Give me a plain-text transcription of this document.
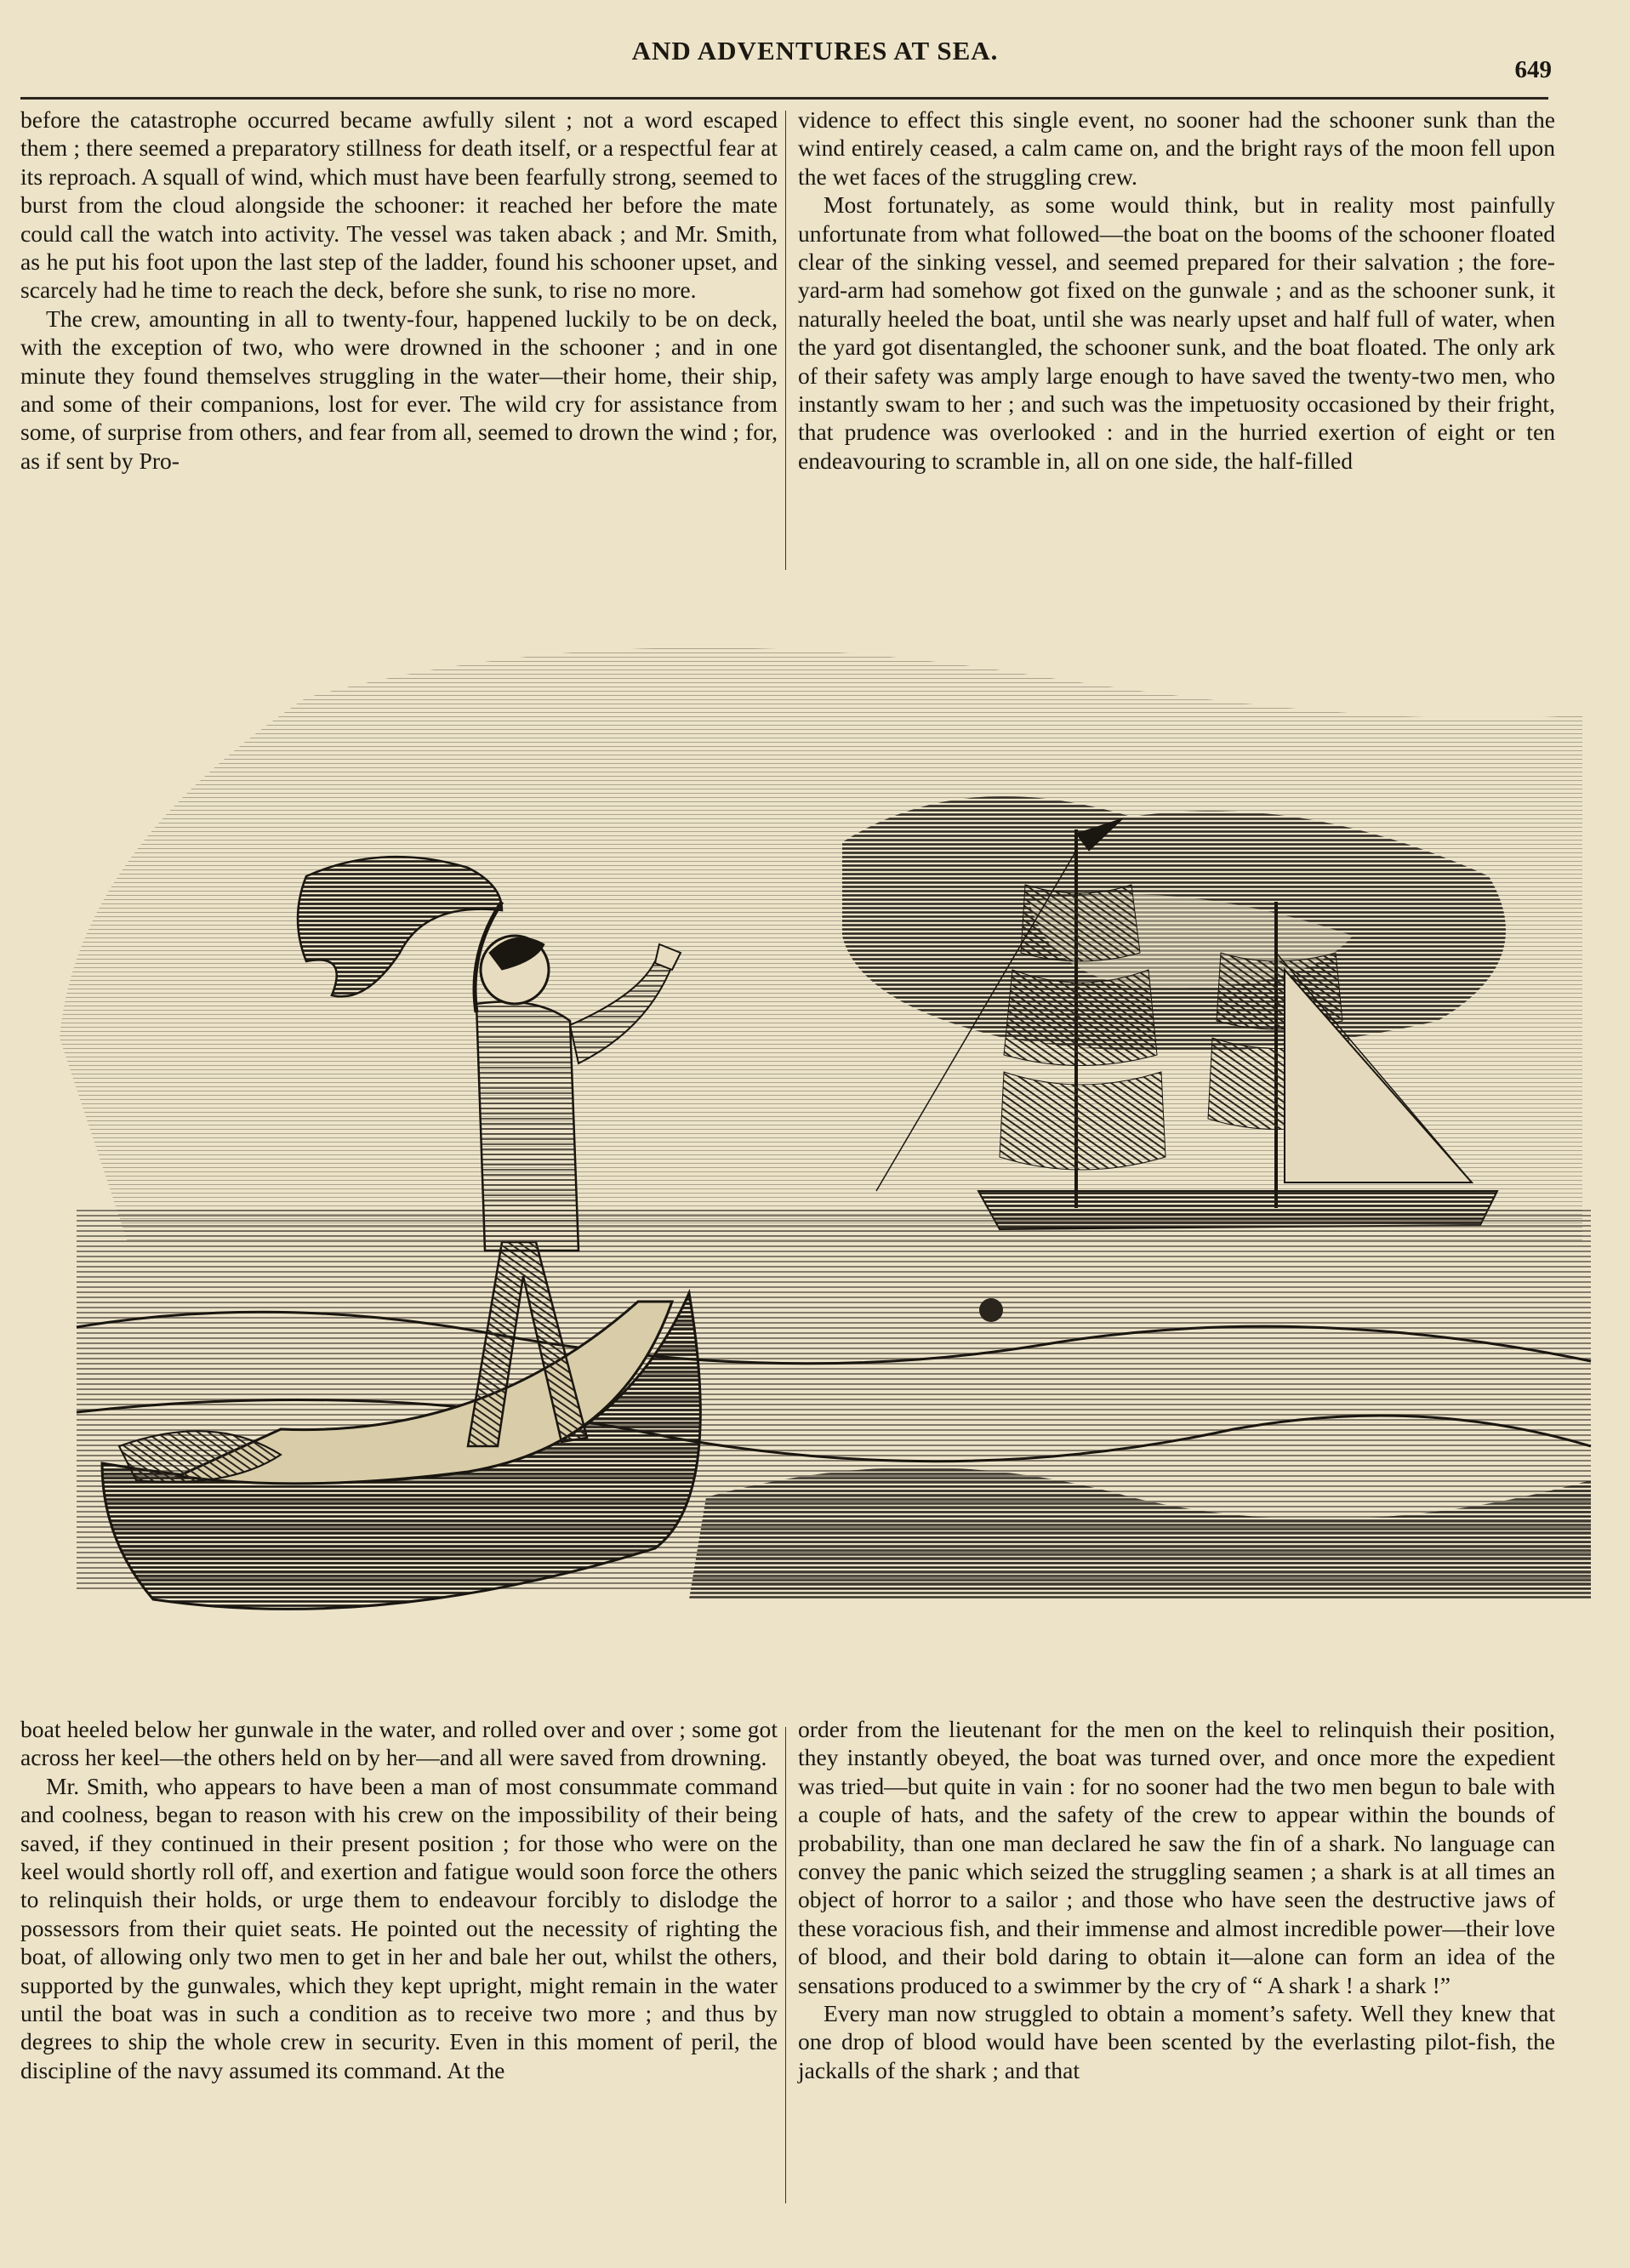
AND ADVENTURES AT SEA.
649

before the catastrophe occurred became awfully silent ; not a word escaped them ; there seemed a preparatory stillness for death itself, or a respectful fear at its reproach. A squall of wind, which must have been fearfully strong, seemed to burst from the cloud alongside the schooner: it reached her before the mate could call the watch into activity. The vessel was taken aback ; and Mr. Smith, as he put his foot upon the last step of the ladder, found his schooner upset, and scarcely had he time to reach the deck, before she sunk, to rise no more.

The crew, amounting in all to twenty-four, happened luckily to be on deck, with the exception of two, who were drowned in the schooner ; and in one minute they found themselves struggling in the water—their home, their ship, and some of their companions, lost for ever. The wild cry for assistance from some, of surprise from others, and fear from all, seemed to drown the wind ; for, as if sent by Pro-

vidence to effect this single event, no sooner had the schooner sunk than the wind entirely ceased, a calm came on, and the bright rays of the moon fell upon the wet faces of the struggling crew.

Most fortunately, as some would think, but in reality most painfully unfortunate from what followed—the boat on the booms of the schooner floated clear of the sinking vessel, and seemed prepared for their salvation ; the fore-yard-arm had somehow got fixed on the gunwale ; and as the schooner sunk, it naturally heeled the boat, until she was nearly upset and half full of water, when the yard got disentangled, the schooner sunk, and the boat floated. The only ark of their safety was amply large enough to have saved the twenty-two men, who instantly swam to her ; and such was the impetuosity occasioned by their fright, that prudence was overlooked : and in the hurried exertion of eight or ten endeavouring to scramble in, all on one side, the half-filled

boat heeled below her gunwale in the water, and rolled over and over ; some got across her keel—the others held on by her—and all were saved from drowning.

Mr. Smith, who appears to have been a man of most consummate command and coolness, began to reason with his crew on the impossibility of their being saved, if they continued in their present position ; for those who were on the keel would shortly roll off, and exertion and fatigue would soon force the others to relinquish their holds, or urge them to endeavour forcibly to dislodge the possessors from their quiet seats. He pointed out the necessity of righting the boat, of allowing only two men to get in her and bale her out, whilst the others, supported by the gunwales, which they kept upright, might remain in the water until the boat was in such a condition as to receive two more ; and thus by degrees to ship the whole crew in security. Even in this moment of peril, the discipline of the navy assumed its command. At the

order from the lieutenant for the men on the keel to relinquish their position, they instantly obeyed, the boat was turned over, and once more the expedient was tried—but quite in vain : for no sooner had the two men begun to bale with a couple of hats, and the safety of the crew to appear within the bounds of probability, than one man declared he saw the fin of a shark. No language can convey the panic which seized the struggling seamen ; a shark is at all times an object of horror to a sailor ; and those who have seen the destructive jaws of these voracious fish, and their immense and almost incredible power—their love of blood, and their bold daring to obtain it—alone can form an idea of the sensations produced to a swimmer by the cry of “ A shark ! a shark !”

Every man now struggled to obtain a moment’s safety. Well they knew that one drop of blood would have been scented by the everlasting pilot-fish, the jackalls of the shark ; and that
